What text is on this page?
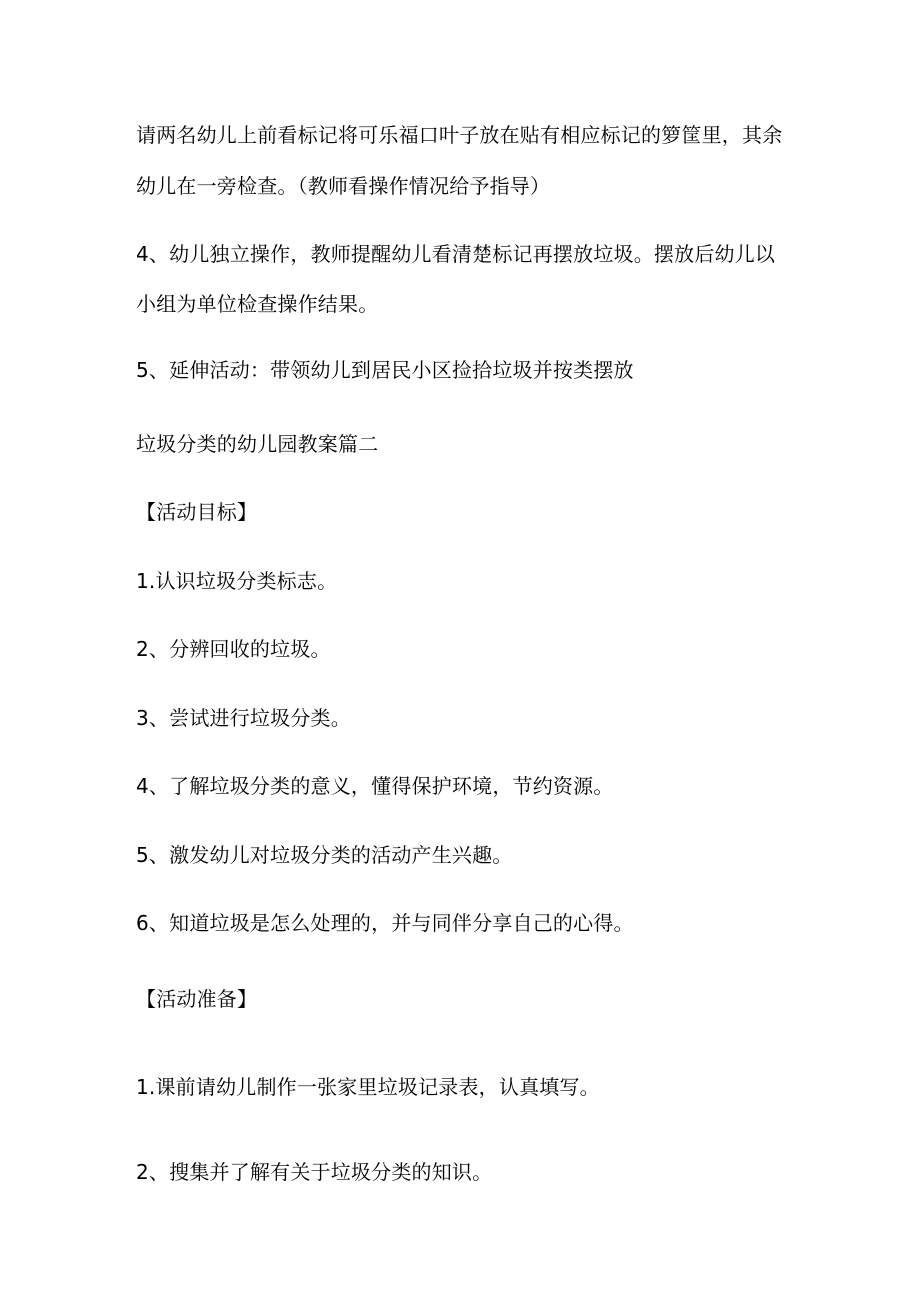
请两名幼儿上前看标记将可乐福口叶子放在贴有相应标记的箩筐里，其余
幼儿在一旁检查。（教师看操作情况给予指导）
4、幼儿独立操作，教师提醒幼儿看清楚标记再摆放垃圾。摆放后幼儿以
小组为单位检查操作结果。
5、延伸活动：带领幼儿到居民小区捡拾垃圾并按类摆放
垃圾分类的幼儿园教案篇二
【活动目标】
1.认识垃圾分类标志。
2、分辨回收的垃圾。
3、尝试进行垃圾分类。
4、了解垃圾分类的意义，懂得保护环境，节约资源。
5、激发幼儿对垃圾分类的活动产生兴趣。
6、知道垃圾是怎么处理的，并与同伴分享自己的心得。
【活动准备】
1.课前请幼儿制作一张家里垃圾记录表，认真填写。
2、搜集并了解有关于垃圾分类的知识。
